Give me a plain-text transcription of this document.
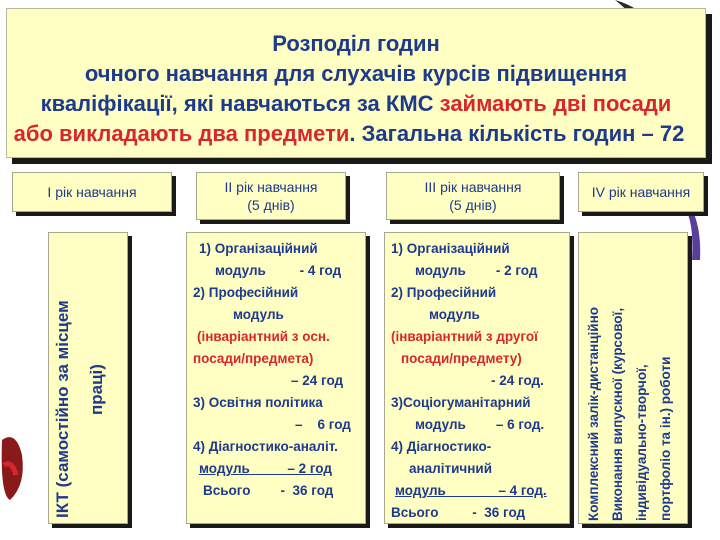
Розподіл годин
очного навчання для слухачів курсів підвищення
кваліфікації, які навчаються за КМС займають дві посади
або викладають два предмети. Загальна кількість годин – 72
І рік навчання
ІКТ (самостійно за місцем праці)
ІІ рік навчання
(5 днів)
1) Організаційний
модуль         - 4 год
2) Професійний
модуль
(інваріантний з осн.
посади/предмета)
– 24 год
3) Освітня політика
–    6 год
4) Діагностико-аналіт.
модуль          – 2 год
Всього        -  36 год
ІІІ рік навчання
(5 днів)
1) Організаційний
модуль        - 2 год
2) Професійний
модуль
(інваріантний з другої
посади/предмету)
- 24 год.
3)Соціогуманітарний
модуль        – 6 год.
4) Діагностико-
аналітичний
модуль              – 4 год.
Всього         -  36 год
ІV рік навчання
Комплексний залік-дистанційно Виконання випускної (курсової, індивідуально-творчої, портфоліо та ін.) роботи
